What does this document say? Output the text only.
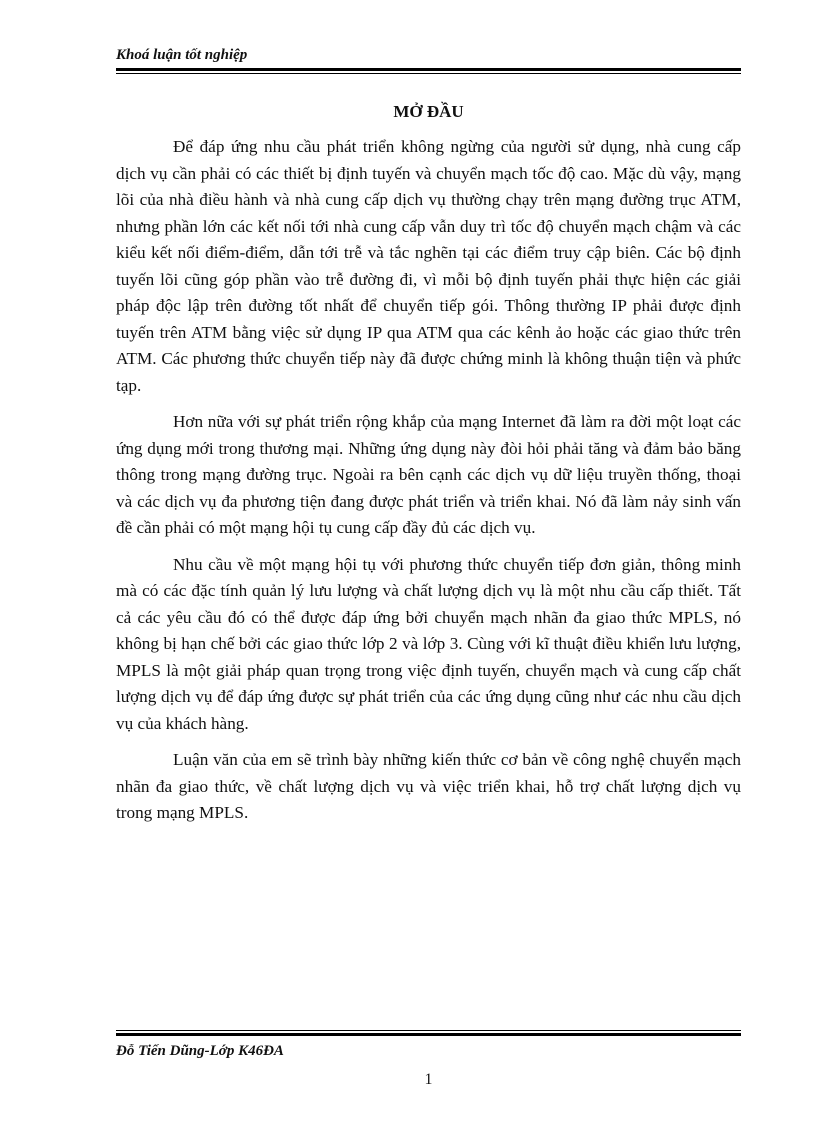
Khoá luận tốt nghiệp
MỞ ĐẦU

Để đáp ứng nhu cầu phát triển không ngừng của người sử dụng, nhà cung cấp dịch vụ cần phải có các thiết bị định tuyến và chuyển mạch tốc độ cao. Mặc dù vậy, mạng lõi của nhà điều hành và nhà cung cấp dịch vụ thường chạy trên mạng đường trục ATM, nhưng phần lớn các kết nối tới nhà cung cấp vẫn duy trì tốc độ chuyển mạch chậm và các kiểu kết nối điểm-điểm, dẫn tới trễ và tắc nghẽn tại các điểm truy cập biên. Các bộ định tuyến lõi cũng góp phần vào trễ đường đi, vì mỗi bộ định tuyến phải thực hiện các giải pháp độc lập trên đường tốt nhất để chuyển tiếp gói. Thông thường IP phải được định tuyến trên ATM bằng việc sử dụng IP qua ATM qua các kênh ảo hoặc các giao thức trên ATM. Các phương thức chuyển tiếp này đã được chứng minh là không thuận tiện và phức tạp.

Hơn nữa với sự phát triển rộng khắp của mạng Internet đã làm ra đời một loạt các ứng dụng mới trong thương mại. Những ứng dụng này đòi hỏi phải tăng và đảm bảo băng thông trong mạng đường trục. Ngoài ra bên cạnh các dịch vụ dữ liệu truyền thống, thoại và các dịch vụ đa phương tiện đang được phát triển và triển khai. Nó đã làm nảy sinh vấn đề cần phải có một mạng hội tụ cung cấp đầy đủ các dịch vụ.

Nhu cầu về một mạng hội tụ với phương thức chuyển tiếp đơn giản, thông minh mà có các đặc tính quản lý lưu lượng và chất lượng dịch vụ là một nhu cầu cấp thiết. Tất cả các yêu cầu đó có thể được đáp ứng bởi chuyển mạch nhãn đa giao thức MPLS, nó không bị hạn chế bởi các giao thức lớp 2 và lớp 3. Cùng với kĩ thuật điều khiển lưu lượng, MPLS là một giải pháp quan trọng trong việc định tuyến, chuyển mạch và cung cấp chất lượng dịch vụ để đáp ứng được sự phát triển của các ứng dụng cũng như các nhu cầu dịch vụ của khách hàng.

Luận văn của em sẽ trình bày những kiến thức cơ bản về công nghệ chuyển mạch nhãn đa giao thức, về chất lượng dịch vụ và việc triển khai, hỗ trợ chất lượng dịch vụ trong mạng MPLS.

Đỗ Tiến Dũng-Lớp K46ĐA
1
